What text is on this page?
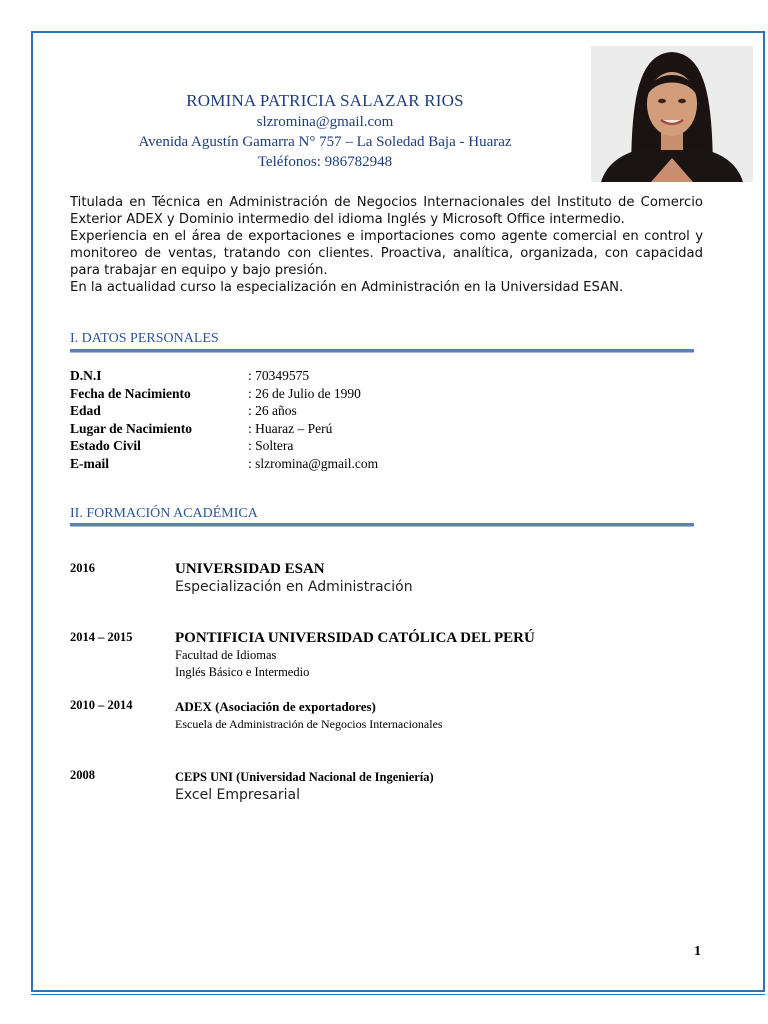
ROMINA PATRICIA SALAZAR RIOS
slzromina@gmail.com
Avenida Agustín Gamarra N° 757 – La Soledad Baja - Huaraz
Teléfonos: 986782948

Titulada en Técnica en Administración de Negocios Internacionales del Instituto de Comercio Exterior ADEX y Dominio intermedio del idioma Inglés y Microsoft Office intermedio.

Experiencia en el área de exportaciones e importaciones como agente comercial en control y monitoreo de ventas, tratando con clientes. Proactiva, analítica, organizada, con capacidad para trabajar en equipo y bajo presión.

En la actualidad curso la especialización en Administración en la Universidad ESAN.

I. DATOS PERSONALES
D.N.I	: 70349575
Fecha de Nacimiento	: 26 de Julio de 1990
Edad	: 26 años
Lugar de Nacimiento	: Huaraz – Perú
Estado Civil	: Soltera
E-mail	: slzromina@gmail.com
II. FORMACIÓN ACADÉMICA
2016	UNIVERSIDAD ESAN
Especialización en Administración
2014 – 2015	PONTIFICIA UNIVERSIDAD CATÓLICA DEL PERÚ
Facultad de Idiomas
Inglés Básico e Intermedio
2010 – 2014	ADEX (Asociación de exportadores)
Escuela de Administración de Negocios Internacionales
2008	CEPS UNI (Universidad Nacional de Ingeniería)
Excel Empresarial
1
